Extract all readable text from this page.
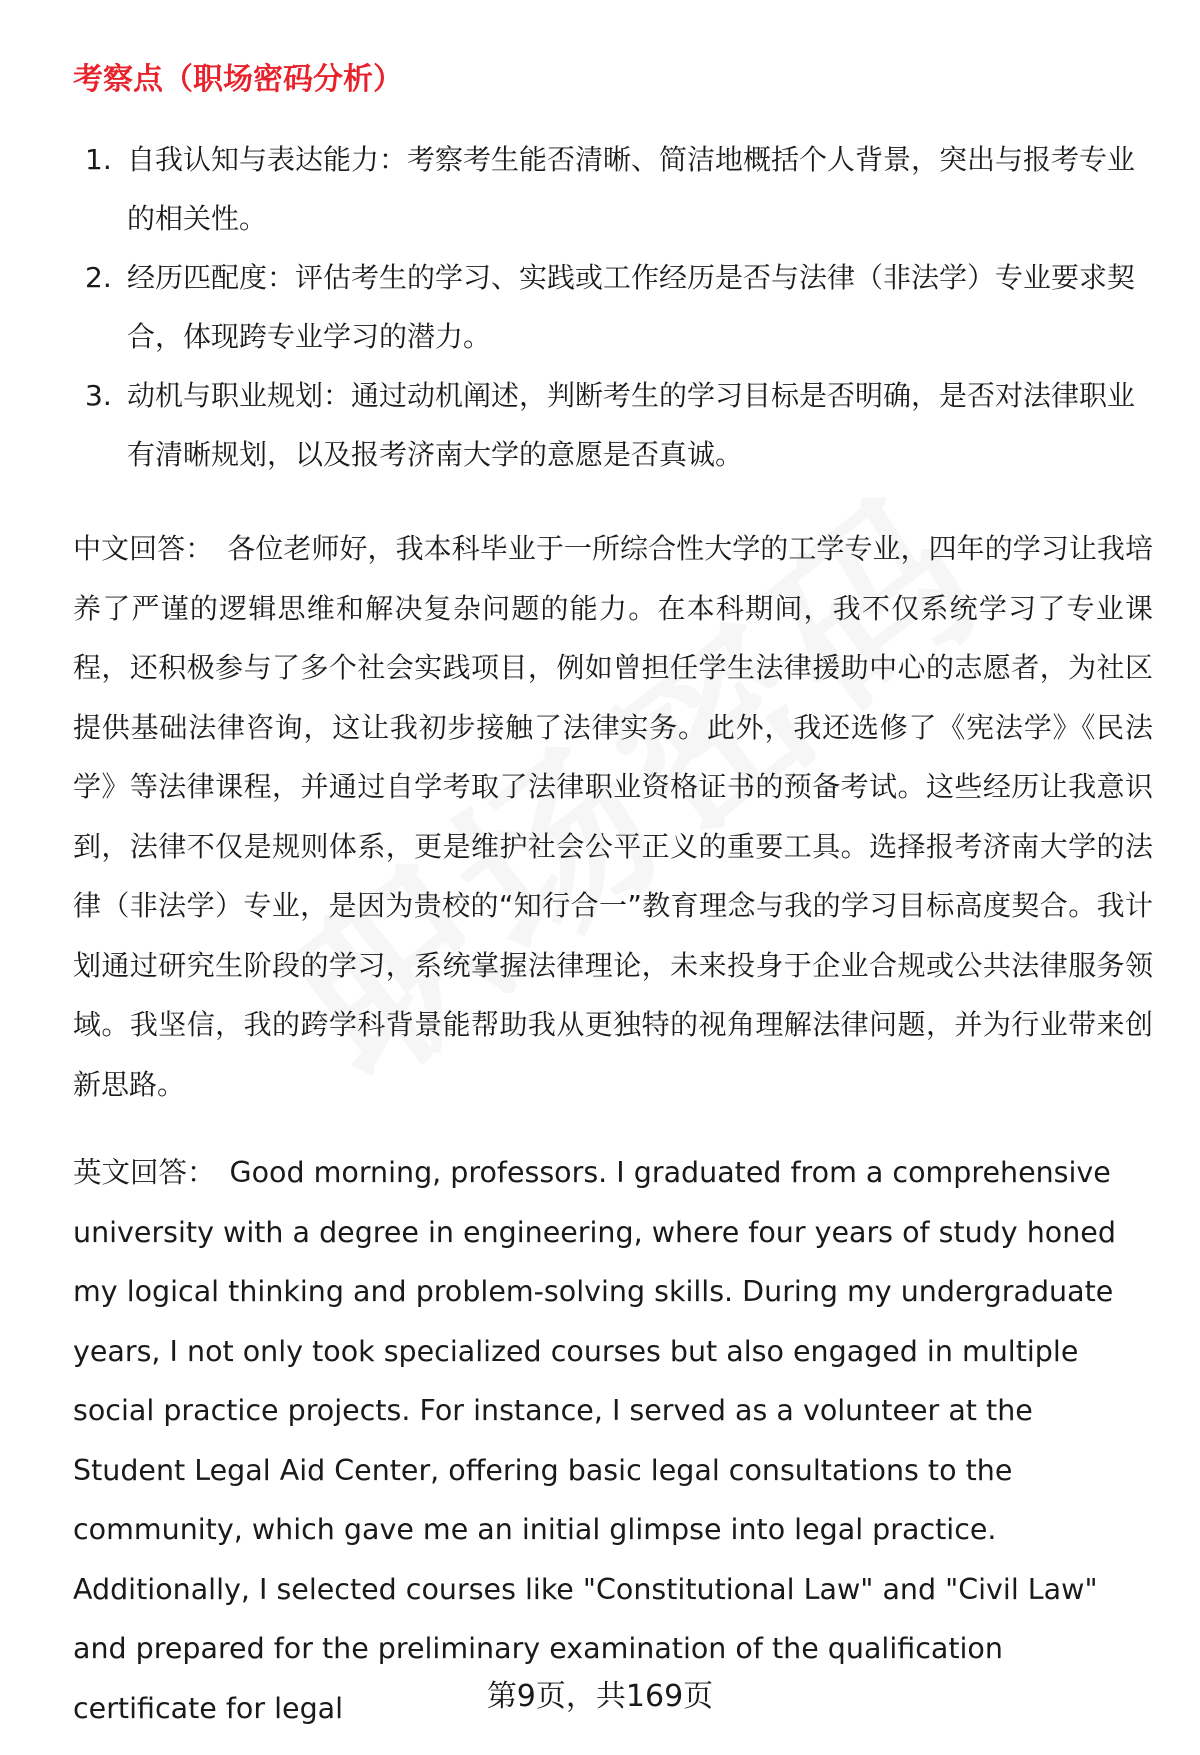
考察点（职场密码分析）
1. 自我认知与表达能力：考察考生能否清晰、简洁地概括个人背景，突出与报考专业的相关性。
2. 经历匹配度：评估考生的学习、实践或工作经历是否与法律（非法学）专业要求契合，体现跨专业学习的潜力。
3. 动机与职业规划：通过动机阐述，判断考生的学习目标是否明确，是否对法律职业有清晰规划，以及报考济南大学的意愿是否真诚。

中文回答： 各位老师好，我本科毕业于一所综合性大学的工学专业，四年的学习让我培养了严谨的逻辑思维和解决复杂问题的能力。在本科期间，我不仅系统学习了专业课程，还积极参与了多个社会实践项目，例如曾担任学生法律援助中心的志愿者，为社区提供基础法律咨询，这让我初步接触了法律实务。此外，我还选修了《宪法学》《民法学》等法律课程，并通过自学考取了法律职业资格证书的预备考试。这些经历让我意识到，法律不仅是规则体系，更是维护社会公平正义的重要工具。选择报考济南大学的法律（非法学）专业，是因为贵校的“知行合一”教育理念与我的学习目标高度契合。我计划通过研究生阶段的学习，系统掌握法律理论，未来投身于企业合规或公共法律服务领域。我坚信，我的跨学科背景能帮助我从更独特的视角理解法律问题，并为行业带来创新思路。

英文回答： Good morning, professors. I graduated from a comprehensive university with a degree in engineering, where four years of study honed my logical thinking and problem-solving skills. During my undergraduate years, I not only took specialized courses but also engaged in multiple social practice projects. For instance, I served as a volunteer at the Student Legal Aid Center, offering basic legal consultations to the community, which gave me an initial glimpse into legal practice. Additionally, I selected courses like "Constitutional Law" and "Civil Law" and prepared for the preliminary examination of the qualification certificate for legal	第9页，共169页
